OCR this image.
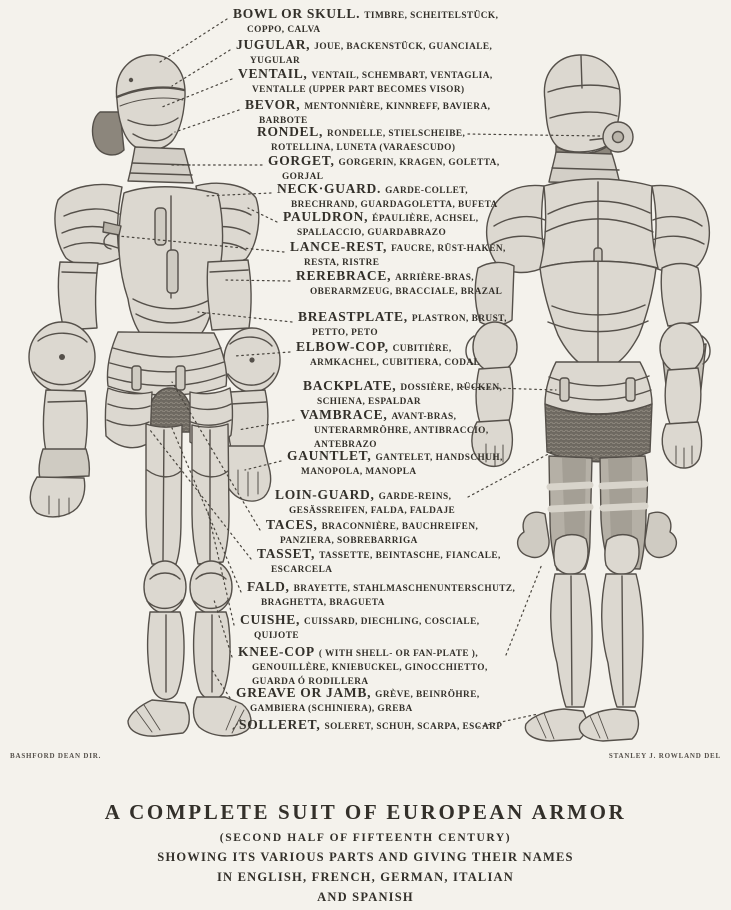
BOWL OR SKULL. TIMBRE, SCHEITELSTÜCK, COPPO, CALVA
JUGULAR, JOUE, BACKENSTÜCK, GUANCIALE, YUGULAR
VENTAIL, VENTAIL, SCHEMBART, VENTAGLIA, VENTALLE (UPPER PART BECOMES VISOR)
BEVOR, MENTONNIÈRE, KINNREFF, BAVIERA, BARBOTE
RONDEL, RONDELLE, STIELSCHEIBE, ROTELLINA, LUNETA (VARAESCUDO)
GORGET, GORGERIN, KRAGEN, GOLETTA, GORJAL
NECK·GUARD. GARDE-COLLET, BRECHRAND, GUARDAGOLETTA, BUFETA
PAULDRON, ÉPAULIÈRE, ACHSEL, SPALLACCIO, GUARDABRAZO
LANCE-REST, FAUCRE, RÜST-HAKEN, RESTA, RISTRE
REREBRACE, ARRIÈRE-BRAS, OBERARMZEUG, BRACCIALE, BRAZAL
BREASTPLATE, PLASTRON, BRUST, PETTO, PETO
ELBOW-COP, CUBITIÈRE, ARMKACHEL, CUBITIERA, CODAL
BACKPLATE, DOSSIÈRE, RÜCKEN, SCHIENA, ESPALDAR
VAMBRACE, AVANT-BRAS, UNTERARMRÖHRE, ANTIBRACCIO, ANTEBRAZO
GAUNTLET, GANTELET, HANDSCHUH, MANOPOLA, MANOPLA
LOIN-GUARD, GARDE-REINS, GESÄSSREIFEN, FALDA, FALDAJE
TACES, BRACONNIÈRE, BAUCHREIFEN, PANZIERA, SOBREBARRIGA
TASSET, TASSETTE, BEINTASCHE, FIANCALE, ESCARCELA
FALD, BRAYETTE, STAHLMASCHENUNTERSCHUTZ, BRAGHETTA, BRAGUETA
CUISHE, CUISSARD, DIECHLING, COSCIALE, QUIJOTE
KNEE-COP ( WITH SHELL- OR FAN-PLATE ), GENOUILLÈRE, KNIEBUCKEL, GINOCCHIETTO, GUARDA Ó RODILLERA
GREAVE OR JAMB, GRÈVE, BEINRÖHRE, GAMBIERA (SCHINIERA), GREBA
SOLLERET, SOLERET, SCHUH, SCARPA, ESCARP
BASHFORD DEAN DIR.	STANLEY J. ROWLAND DEL
A COMPLETE SUIT OF EUROPEAN ARMOR
(SECOND HALF OF FIFTEENTH CENTURY)
SHOWING ITS VARIOUS PARTS AND GIVING THEIR NAMES
IN ENGLISH, FRENCH, GERMAN, ITALIAN
AND SPANISH
